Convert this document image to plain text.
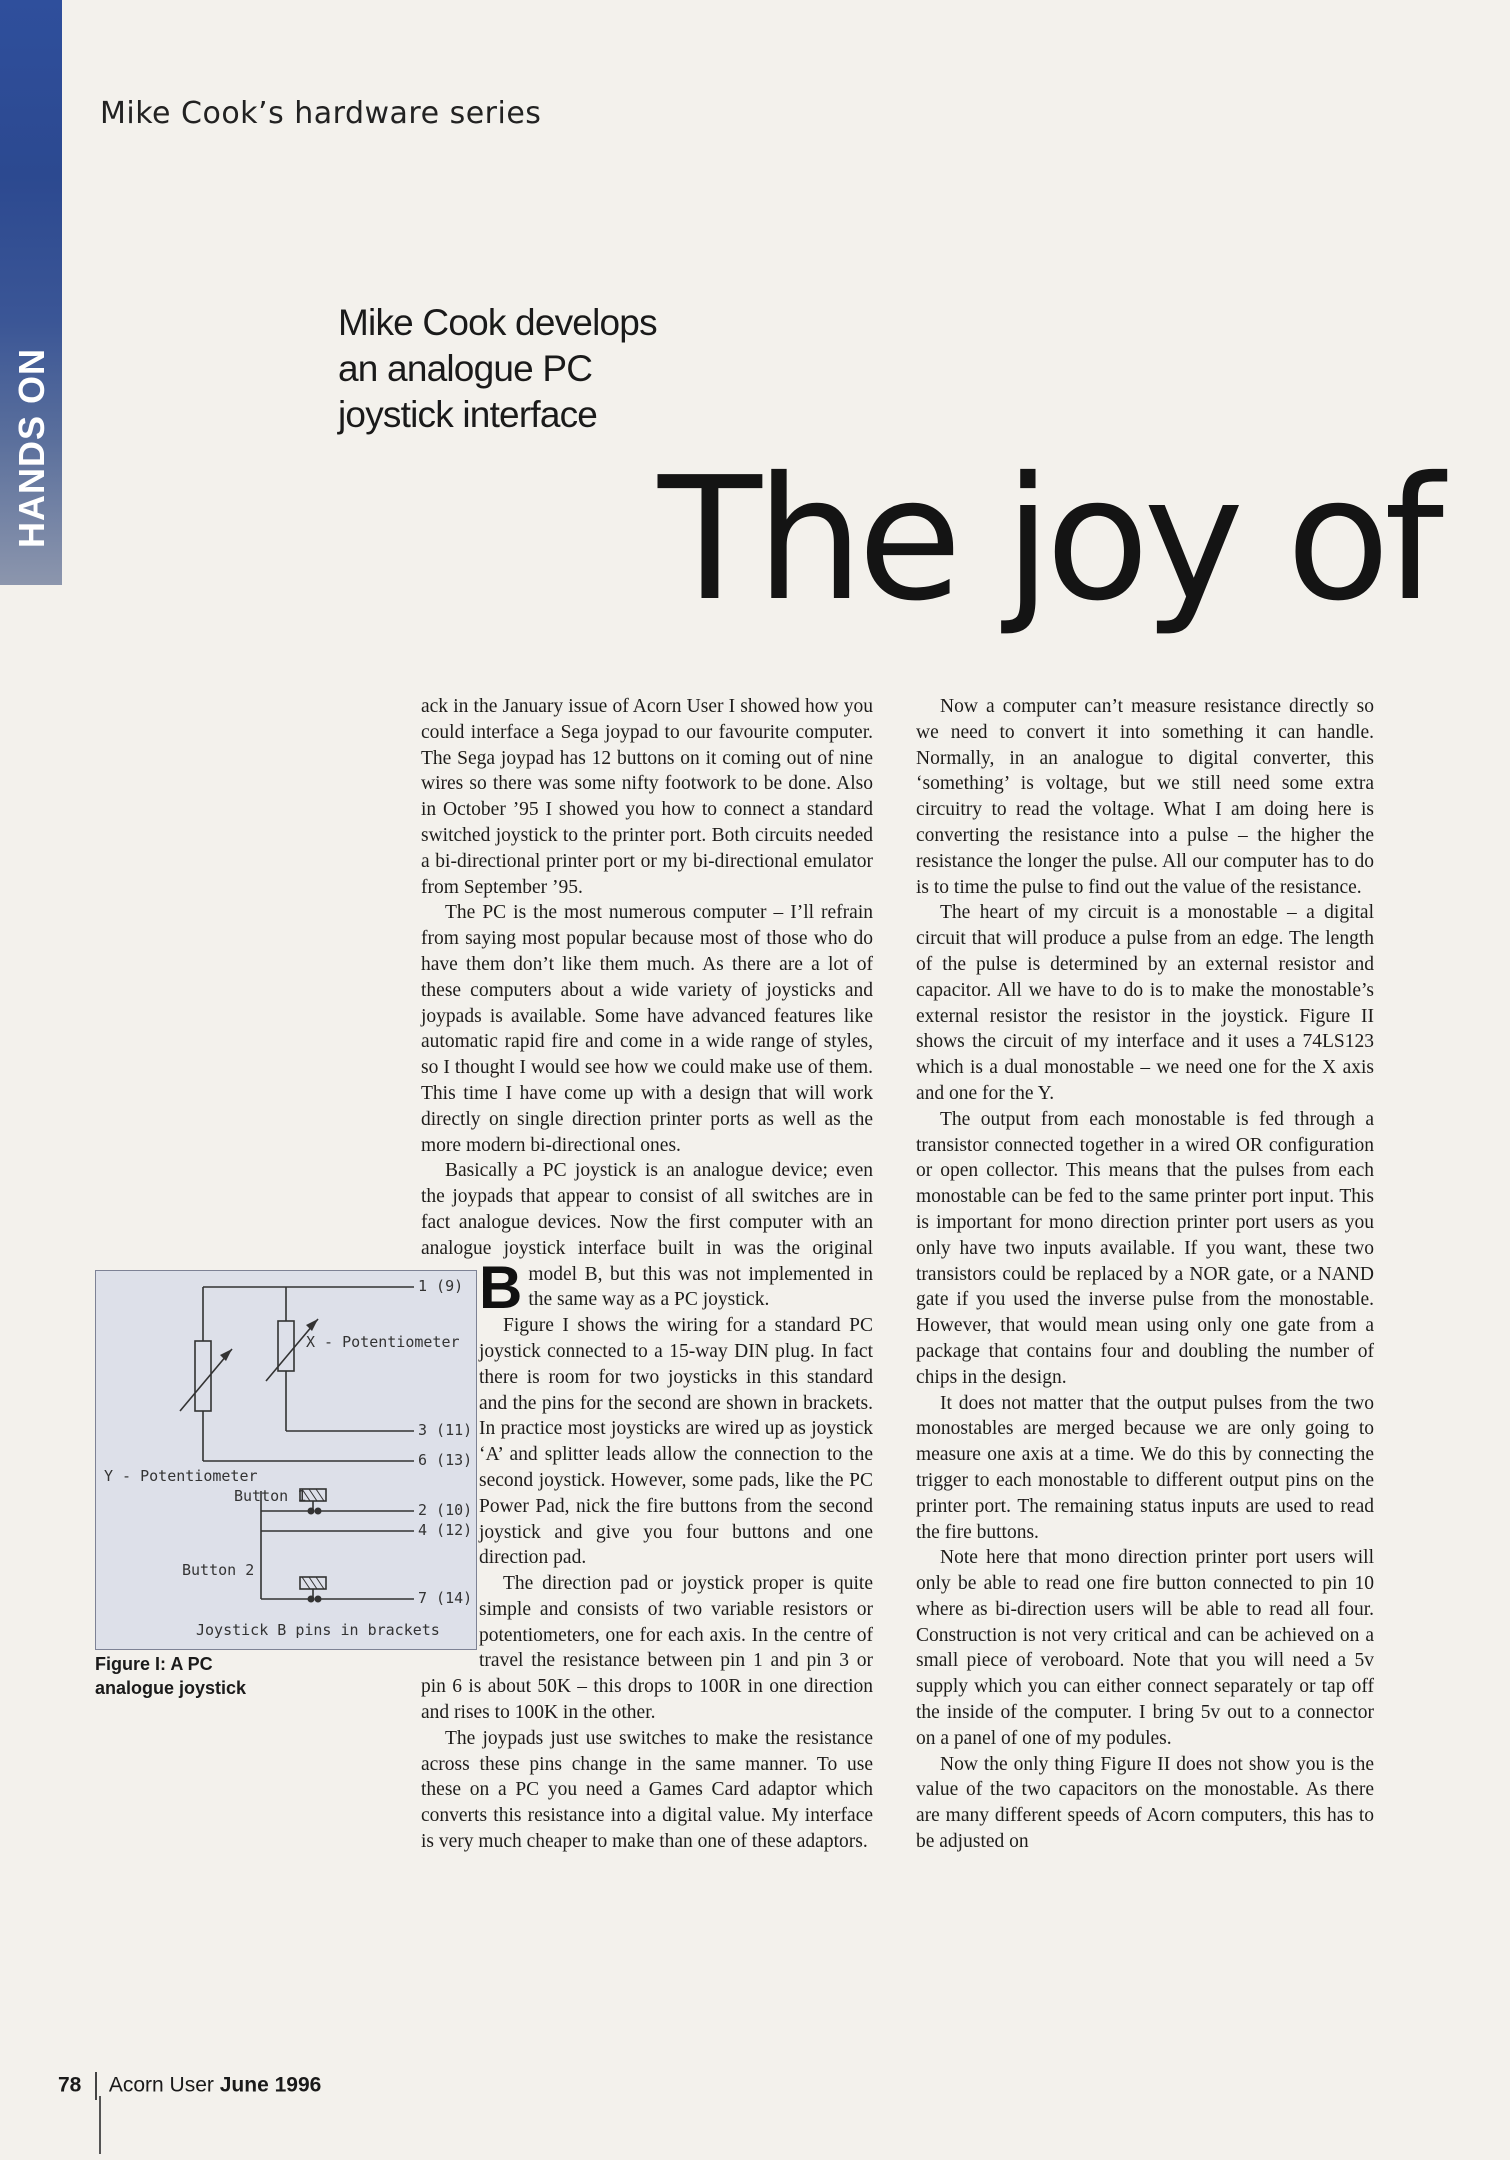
HANDS ON
Mike Cook’s hardware series
Mike Cook develops an analogue PC joystick interface
The joy of

B
ack in the January issue of Acorn User I showed how you could interface a Sega joypad to our favourite computer. The Sega joypad has 12 buttons on it coming out of nine wires so there was some nifty footwork to be done. Also in October ’95 I showed you how to connect a standard switched joystick to the printer port. Both circuits needed a bi-directional printer port or my bi-directional emulator from September ’95.

The PC is the most numerous computer – I’ll refrain from saying most popular because most of those who do have them don’t like them much. As there are a lot of these computers about a wide variety of joysticks and joypads is available. Some have advanced features like automatic rapid fire and come in a wide range of styles, so I thought I would see how we could make use of them. This time I have come up with a design that will work directly on single direction printer ports as well as the more modern bi-directional ones.

Basically a PC joystick is an analogue device; even the joypads that appear to consist of all switches are in fact analogue devices. Now the first computer with an analogue joystick interface built in was the original model B, but this was not implemented in the same way as a PC joystick.

Figure I shows the wiring for a standard PC joystick connected to a 15-way DIN plug. In fact there is room for two joysticks in this standard and the pins for the second are shown in brackets. In practice most joysticks are wired up as joystick ‘A’ and splitter leads allow the connection to the second joystick. However, some pads, like the PC Power Pad, nick the fire buttons from the second joystick and give you four buttons and one direction pad.

The direction pad or joystick proper is quite simple and consists of two variable resistors or potentiometers, one for each axis. In the centre of travel the resistance between pin 1 and pin 3 or pin 6 is about 50K – this drops to 100R in one direction and rises to 100K in the other.

The joypads just use switches to make the resistance across these pins change in the same manner. To use these on a PC you need a Games Card adaptor which converts this resistance into a digital value. My interface is very much cheaper to make than one of these adaptors.

Now a computer can’t measure resistance directly so we need to convert it into something it can handle. Normally, in an analogue to digital converter, this ‘something’ is voltage, but we still need some extra circuitry to read the voltage. What I am doing here is converting the resistance into a pulse – the higher the resistance the longer the pulse. All our computer has to do is to time the pulse to find out the value of the resistance.

The heart of my circuit is a monostable – a digital circuit that will produce a pulse from an edge. The length of the pulse is determined by an external resistor and capacitor. All we have to do is to make the monostable’s external resistor the resistor in the joystick. Figure II shows the circuit of my interface and it uses a 74LS123 which is a dual monostable – we need one for the X axis and one for the Y.

The output from each monostable is fed through a transistor connected together in a wired OR configuration or open collector. This means that the pulses from each monostable can be fed to the same printer port input. This is important for mono direction printer port users as you only have two inputs available. If you want, these two transistors could be replaced by a NOR gate, or a NAND gate if you used the inverse pulse from the monostable. However, that would mean using only one gate from a package that contains four and doubling the number of chips in the design.

It does not matter that the output pulses from the two monostables are merged because we are only going to measure one axis at a time. We do this by connecting the trigger to each monostable to different output pins on the printer port. The remaining status inputs are used to read the fire buttons.

Note here that mono direction printer port users will only be able to read one fire button connected to pin 10 where as bi-direction users will be able to read all four. Construction is not very critical and can be achieved on a small piece of veroboard. Note that you will need a 5v supply which you can either connect separately or tap off the inside of the computer. I bring 5v out to a connector on a panel of one of my podules.

Now the only thing Figure II does not show you is the value of the two capacitors on the monostable. As there are many different speeds of Acorn computers, this has to be adjusted on

1 (9)
X - Potentiometer
3 (11)
6 (13)
Y - Potentiometer
Button 1
2 (10)
4 (12)
Button 2
7 (14)
Joystick B pins in brackets
Figure I: A PC analogue joystick
78 Acorn User June 1996
